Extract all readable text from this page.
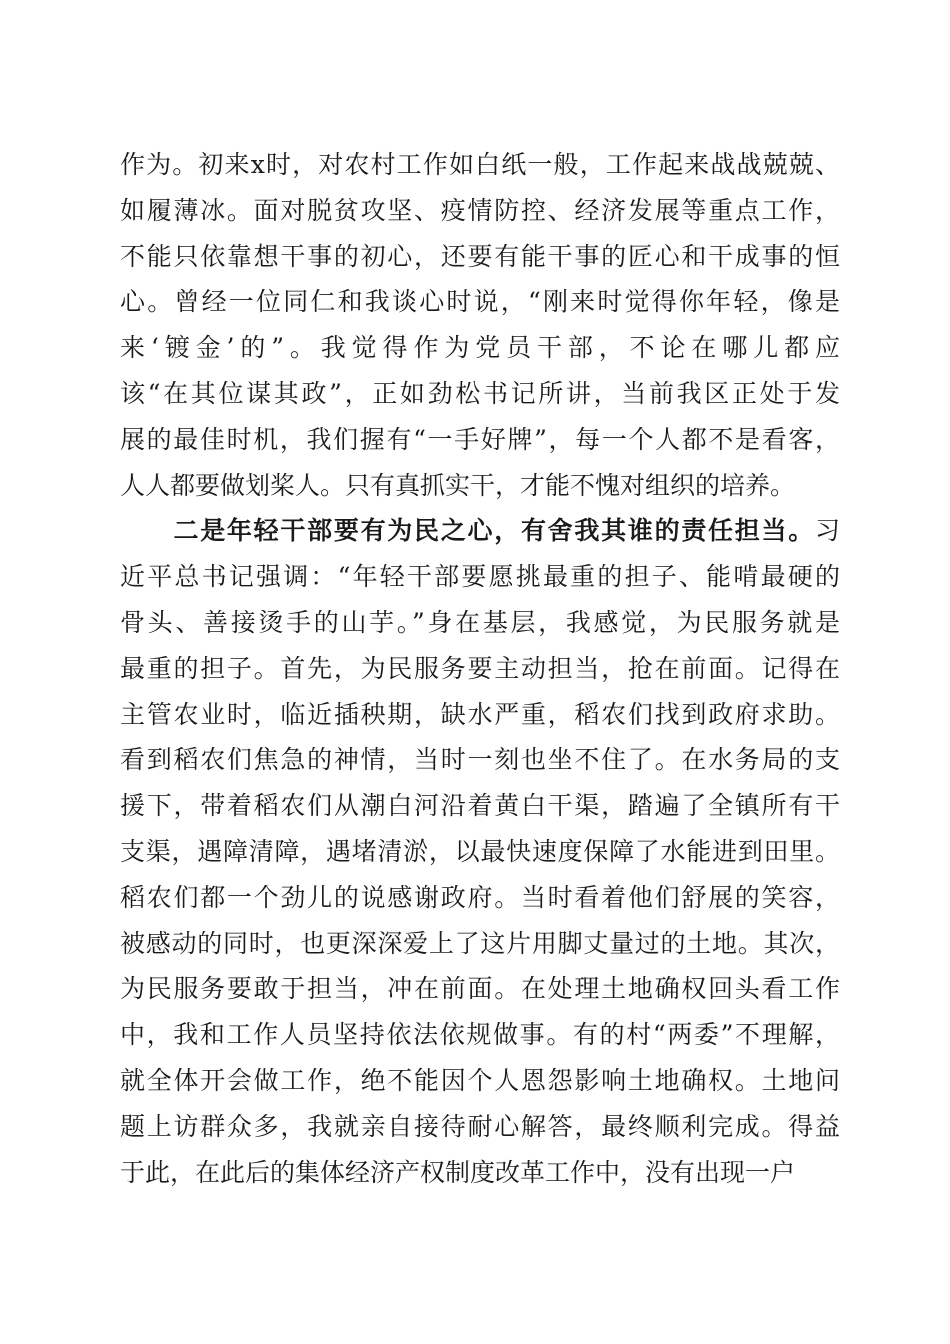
作为。初来x时，对农村工作如白纸一般，工作起来战战兢兢、
如履薄冰。面对脱贫攻坚、疫情防控、经济发展等重点工作，
不能只依靠想干事的初心，还要有能干事的匠心和干成事的恒
心。曾经一位同仁和我谈心时说，“刚来时觉得你年轻，像是
来‘镀金’的”。我觉得作为党员干部，不论在哪儿都应
该“在其位谋其政”，正如劲松书记所讲，当前我区正处于发
展的最佳时机，我们握有“一手好牌”，每一个人都不是看客，
人人都要做划桨人。只有真抓实干，才能不愧对组织的培养。
　　二是年轻干部要有为民之心，有舍我其谁的责任担当。习
近平总书记强调：“年轻干部要愿挑最重的担子、能啃最硬的
骨头、善接烫手的山芋。”身在基层，我感觉，为民服务就是
最重的担子。首先，为民服务要主动担当，抢在前面。记得在
主管农业时，临近插秧期，缺水严重，稻农们找到政府求助。
看到稻农们焦急的神情，当时一刻也坐不住了。在水务局的支
援下，带着稻农们从潮白河沿着黄白干渠，踏遍了全镇所有干
支渠，遇障清障，遇堵清淤，以最快速度保障了水能进到田里。
稻农们都一个劲儿的说感谢政府。当时看着他们舒展的笑容，
被感动的同时，也更深深爱上了这片用脚丈量过的土地。其次，
为民服务要敢于担当，冲在前面。在处理土地确权回头看工作
中，我和工作人员坚持依法依规做事。有的村“两委”不理解，
就全体开会做工作，绝不能因个人恩怨影响土地确权。土地问
题上访群众多，我就亲自接待耐心解答，最终顺利完成。得益
于此，在此后的集体经济产权制度改革工作中，没有出现一户
